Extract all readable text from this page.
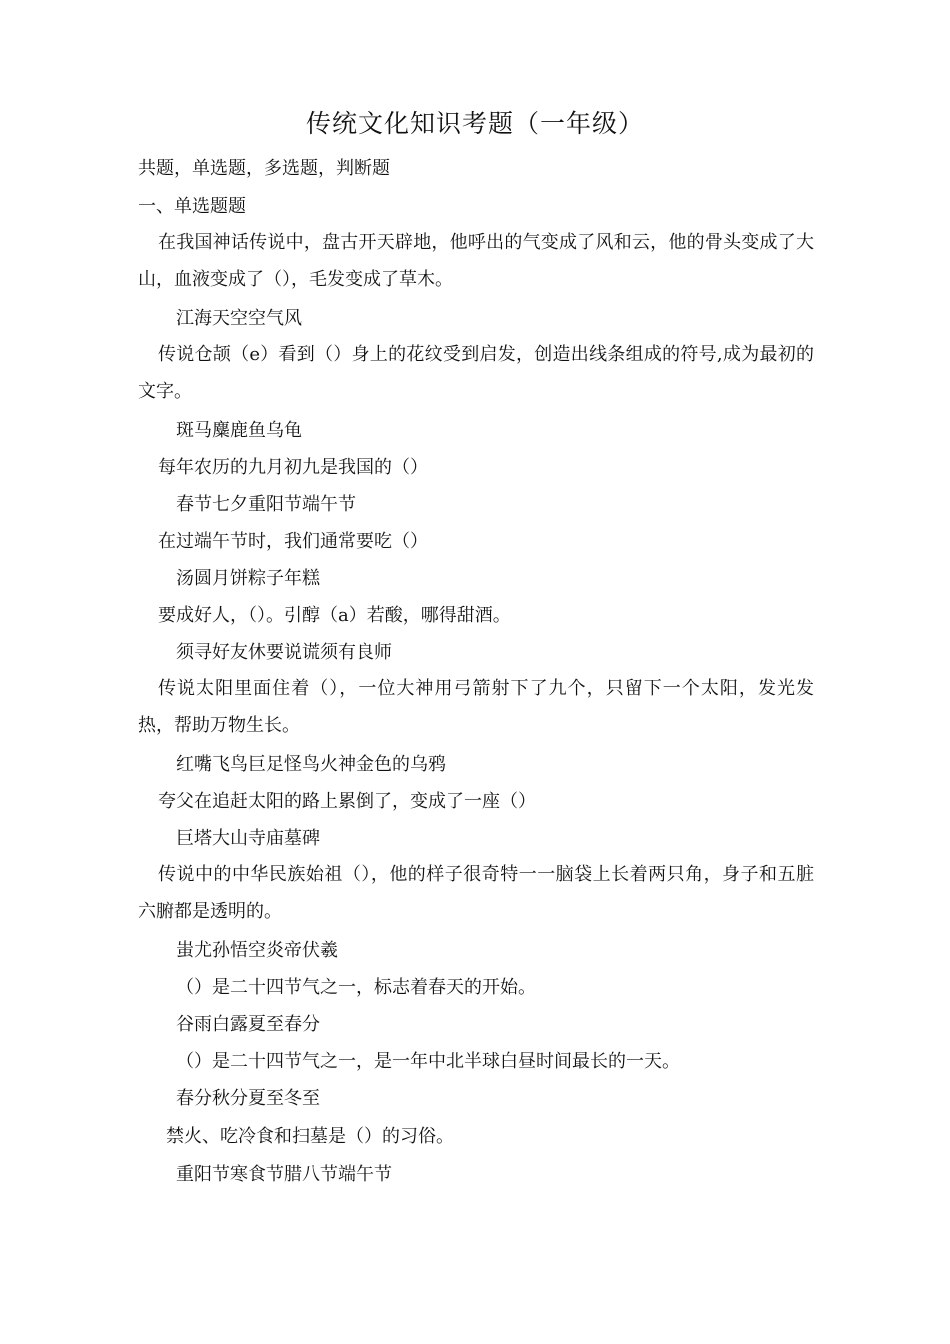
传统文化知识考题（一年级）
共题，单选题，多选题，判断题
一、单选题题
在我国神话传说中，盘古开天辟地，他呼出的气变成了风和云，他的骨头变成了大山，血液变成了（），毛发变成了草木。
江海天空空气风
传说仓颉（e）看到（）身上的花纹受到启发，创造出线条组成的符号,成为最初的文字。
斑马麋鹿鱼乌龟
每年农历的九月初九是我国的（）
春节七夕重阳节端午节
在过端午节时，我们通常要吃（）
汤圆月饼粽子年糕
要成好人，（）。引醇（a）若酸，哪得甜酒。
须寻好友休要说谎须有良师
传说太阳里面住着（），一位大神用弓箭射下了九个，只留下一个太阳，发光发热，帮助万物生长。
红嘴飞鸟巨足怪鸟火神金色的乌鸦
夸父在追赶太阳的路上累倒了，变成了一座（）
巨塔大山寺庙墓碑
传说中的中华民族始祖（），他的样子很奇特一一脑袋上长着两只角，身子和五脏六腑都是透明的。
蚩尤孙悟空炎帝伏羲
（）是二十四节气之一，标志着春天的开始。
谷雨白露夏至春分
（）是二十四节气之一，是一年中北半球白昼时间最长的一天。
春分秋分夏至冬至
禁火、吃冷食和扫墓是（）的习俗。
重阳节寒食节腊八节端午节
